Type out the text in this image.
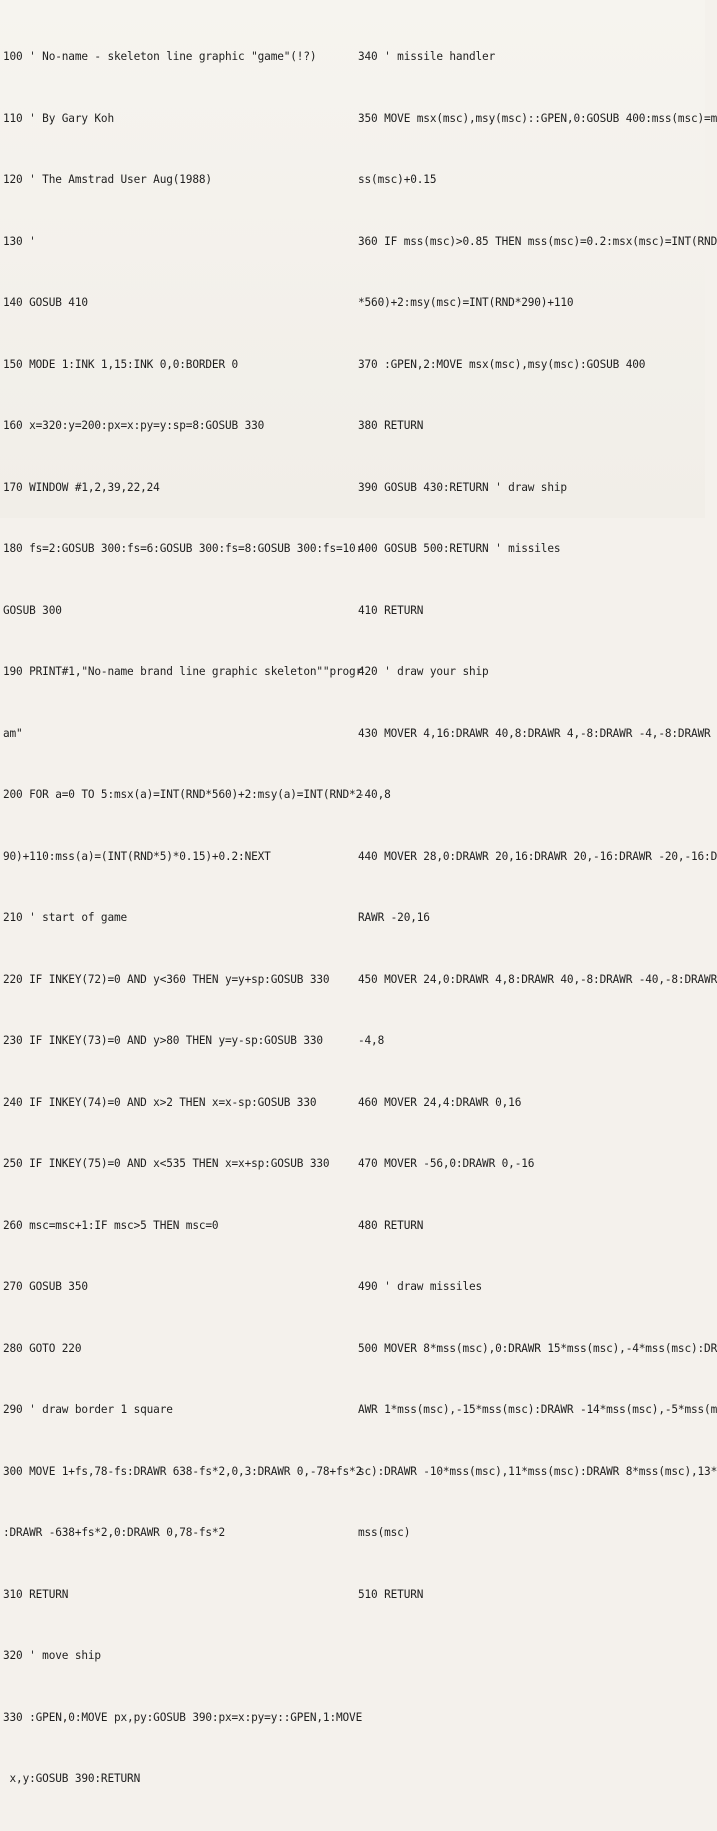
100 ' No-name - skeleton line graphic "game"(!?)

110 ' By Gary Koh

120 ' The Amstrad User Aug(1988)

130 '

140 GOSUB 410

150 MODE 1:INK 1,15:INK 0,0:BORDER 0

160 x=320:y=200:px=x:py=y:sp=8:GOSUB 330

170 WINDOW #1,2,39,22,24

180 fs=2:GOSUB 300:fs=6:GOSUB 300:fs=8:GOSUB 300:fs=10:

GOSUB 300

190 PRINT#1,"No-name brand line graphic skeleton""progr

am"

200 FOR a=0 TO 5:msx(a)=INT(RND*560)+2:msy(a)=INT(RND*2

90)+110:mss(a)=(INT(RND*5)*0.15)+0.2:NEXT

210 ' start of game

220 IF INKEY(72)=0 AND y<360 THEN y=y+sp:GOSUB 330

230 IF INKEY(73)=0 AND y>80 THEN y=y-sp:GOSUB 330

240 IF INKEY(74)=0 AND x>2 THEN x=x-sp:GOSUB 330

250 IF INKEY(75)=0 AND x<535 THEN x=x+sp:GOSUB 330

260 msc=msc+1:IF msc>5 THEN msc=0

270 GOSUB 350

280 GOTO 220

290 ' draw border 1 square

300 MOVE 1+fs,78-fs:DRAWR 638-fs*2,0,3:DRAWR 0,-78+fs*2

:DRAWR -638+fs*2,0:DRAWR 0,78-fs*2

310 RETURN

320 ' move ship

330 :GPEN,0:MOVE px,py:GOSUB 390:px=x:py=y::GPEN,1:MOVE

x,y:GOSUB 390:RETURN

340 ' missile handler

350 MOVE msx(msc),msy(msc)::GPEN,0:GOSUB 400:mss(msc)=m

ss(msc)+0.15

360 IF mss(msc)>0.85 THEN mss(msc)=0.2:msx(msc)=INT(RND

*560)+2:msy(msc)=INT(RND*290)+110

370 :GPEN,2:MOVE msx(msc),msy(msc):GOSUB 400

380 RETURN

390 GOSUB 430:RETURN ' draw ship

400 GOSUB 500:RETURN ' missiles

410 RETURN

420 ' draw your ship

430 MOVER 4,16:DRAWR 40,8:DRAWR 4,-8:DRAWR -4,-8:DRAWR

-40,8

440 MOVER 28,0:DRAWR 20,16:DRAWR 20,-16:DRAWR -20,-16:D

RAWR -20,16

450 MOVER 24,0:DRAWR 4,8:DRAWR 40,-8:DRAWR -40,-8:DRAWR

-4,8

460 MOVER 24,4:DRAWR 0,16

470 MOVER -56,0:DRAWR 0,-16

480 RETURN

490 ' draw missiles

500 MOVER 8*mss(msc),0:DRAWR 15*mss(msc),-4*mss(msc):DR

AWR 1*mss(msc),-15*mss(msc):DRAWR -14*mss(msc),-5*mss(m

sc):DRAWR -10*mss(msc),11*mss(msc):DRAWR 8*mss(msc),13*

mss(msc)

510 RETURN
